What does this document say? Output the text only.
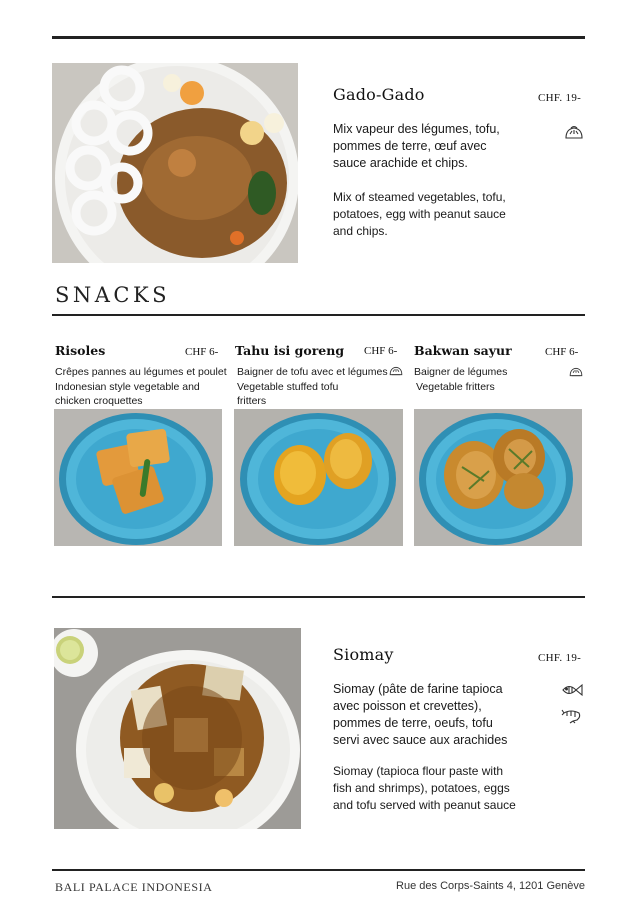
Gado-Gado	CHF. 19-
Mix vapeur des légumes, tofu,
pommes de terre, œuf avec
sauce arachide et chips.
Mix of steamed vegetables, tofu,
potatoes, egg with peanut sauce
and chips.
SNACKS
Risoles	CHF 6-
Crêpes pannes au légumes et poulet
Indonesian style vegetable and
chicken croquettes
Tahu isi goreng CHF 6-
Baigner de tofu avec et légumes
Vegetable stuffed tofu
fritters
Bakwan sayur	CHF 6-
Baigner de légumes
Vegetable fritters
Siomay	CHF. 19-
Siomay (pâte de farine tapioca
avec poisson et crevettes),
pommes de terre, oeufs, tofu
servi avec sauce aux arachides
Siomay (tapioca flour paste with
fish and shrimps), potatoes, eggs
and tofu served with peanut sauce
BALI PALACE INDONESIA	Rue des Corps-Saints 4, 1201 Genève
